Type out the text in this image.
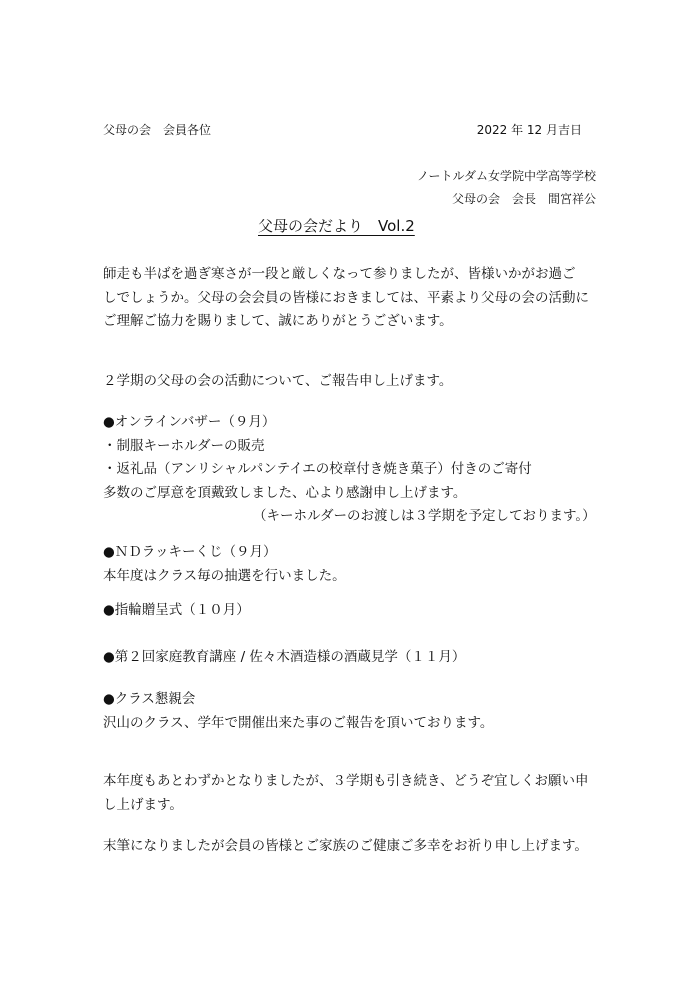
父母の会　会員各位	2022 年 12 月吉日
ノートルダム女学院中学高等学校
父母の会　会長　間宮祥公
父母の会だより　Vol.2
師走も半ばを過ぎ寒さが一段と厳しくなって参りましたが、皆様いかがお過ご
しでしょうか。父母の会会員の皆様におきましては、平素より父母の会の活動に
ご理解ご協力を賜りまして、誠にありがとうございます。
２学期の父母の会の活動について、ご報告申し上げます。
●オンラインバザー（９月）
・制服キーホルダーの販売
・返礼品（アンリシャルパンテイエの校章付き焼き菓子）付きのご寄付
多数のご厚意を頂戴致しました、心より感謝申し上げます。
（キーホルダーのお渡しは３学期を予定しております。）
●ＮＤラッキーくじ（９月）
本年度はクラス毎の抽選を行いました。
●指輪贈呈式（１０月）
●第２回家庭教育講座 / 佐々木酒造様の酒蔵見学（１１月）
●クラス懇親会
沢山のクラス、学年で開催出来た事のご報告を頂いております。
本年度もあとわずかとなりましたが、３学期も引き続き、どうぞ宜しくお願い申
し上げます。
末筆になりましたが会員の皆様とご家族のご健康ご多幸をお祈り申し上げます。
